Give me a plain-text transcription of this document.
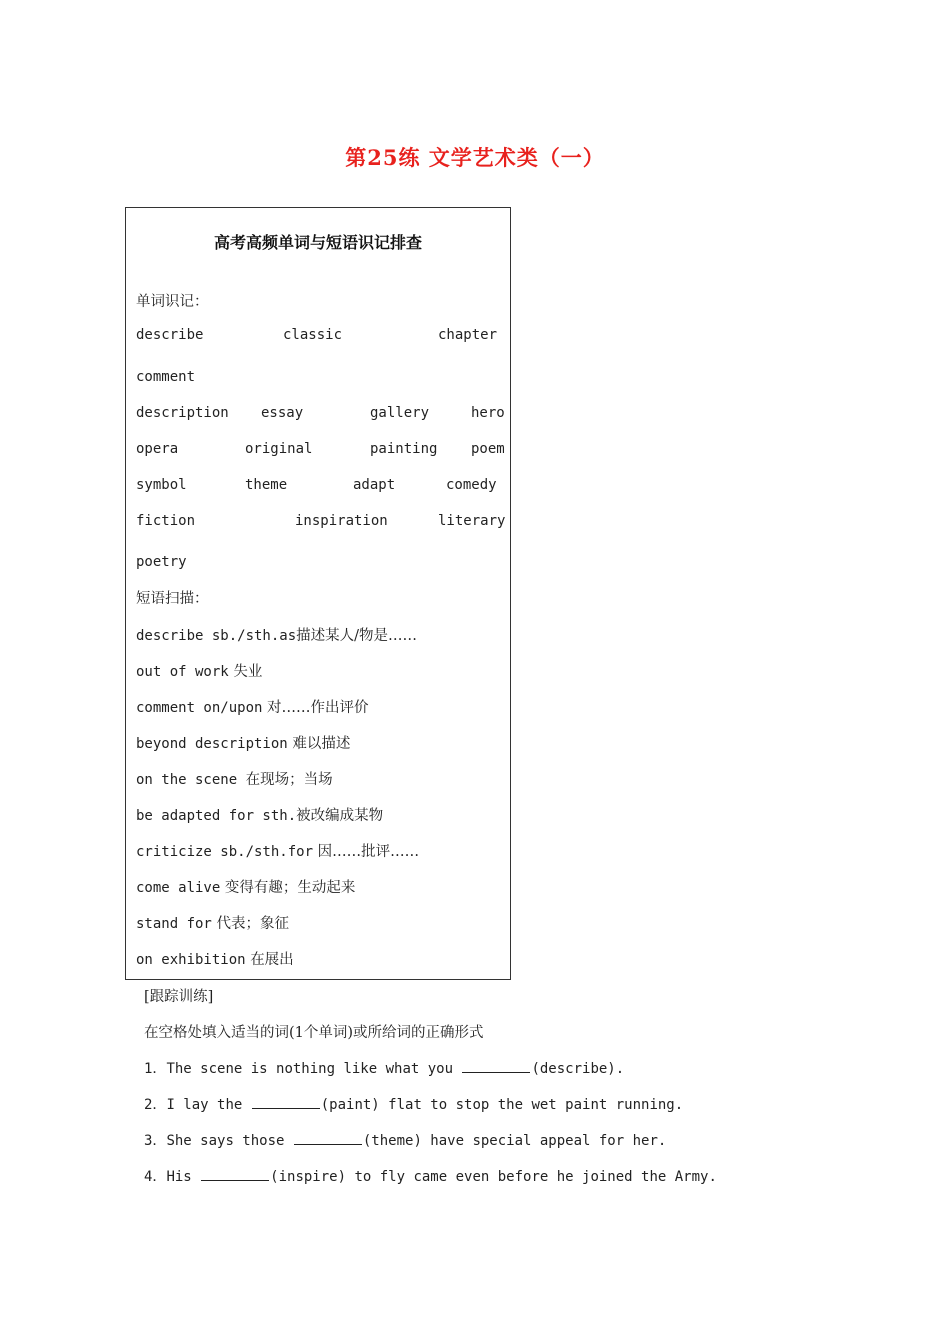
第25练 文学艺术类（一）
高考高频单词与短语识记排查
单词识记：
describe	classic	chapter
comment
description essay	gallery	hero
opera	original	painting poem
symbol	theme	adapt	comedy
fiction	inspiration	literary
poetry
短语扫描：
describe sb./sth.as描述某人/物是……
out of work 失业
comment on/upon 对……作出评价
beyond description 难以描述
on the scene 在现场；当场
be adapted for sth.被改编成某物
criticize sb./sth.for 因……批评……
come alive 变得有趣；生动起来
stand for 代表；象征
on exhibition 在展出
[跟踪训练]
在空格处填入适当的词(1个单词)或所给词的正确形式
1．The scene is nothing like what you	(describe).
2．I lay the	(paint) flat to stop the wet paint running.
3．She says those	(theme) have special appeal for her.
4．His	(inspire) to fly came even before he joined the Army.
